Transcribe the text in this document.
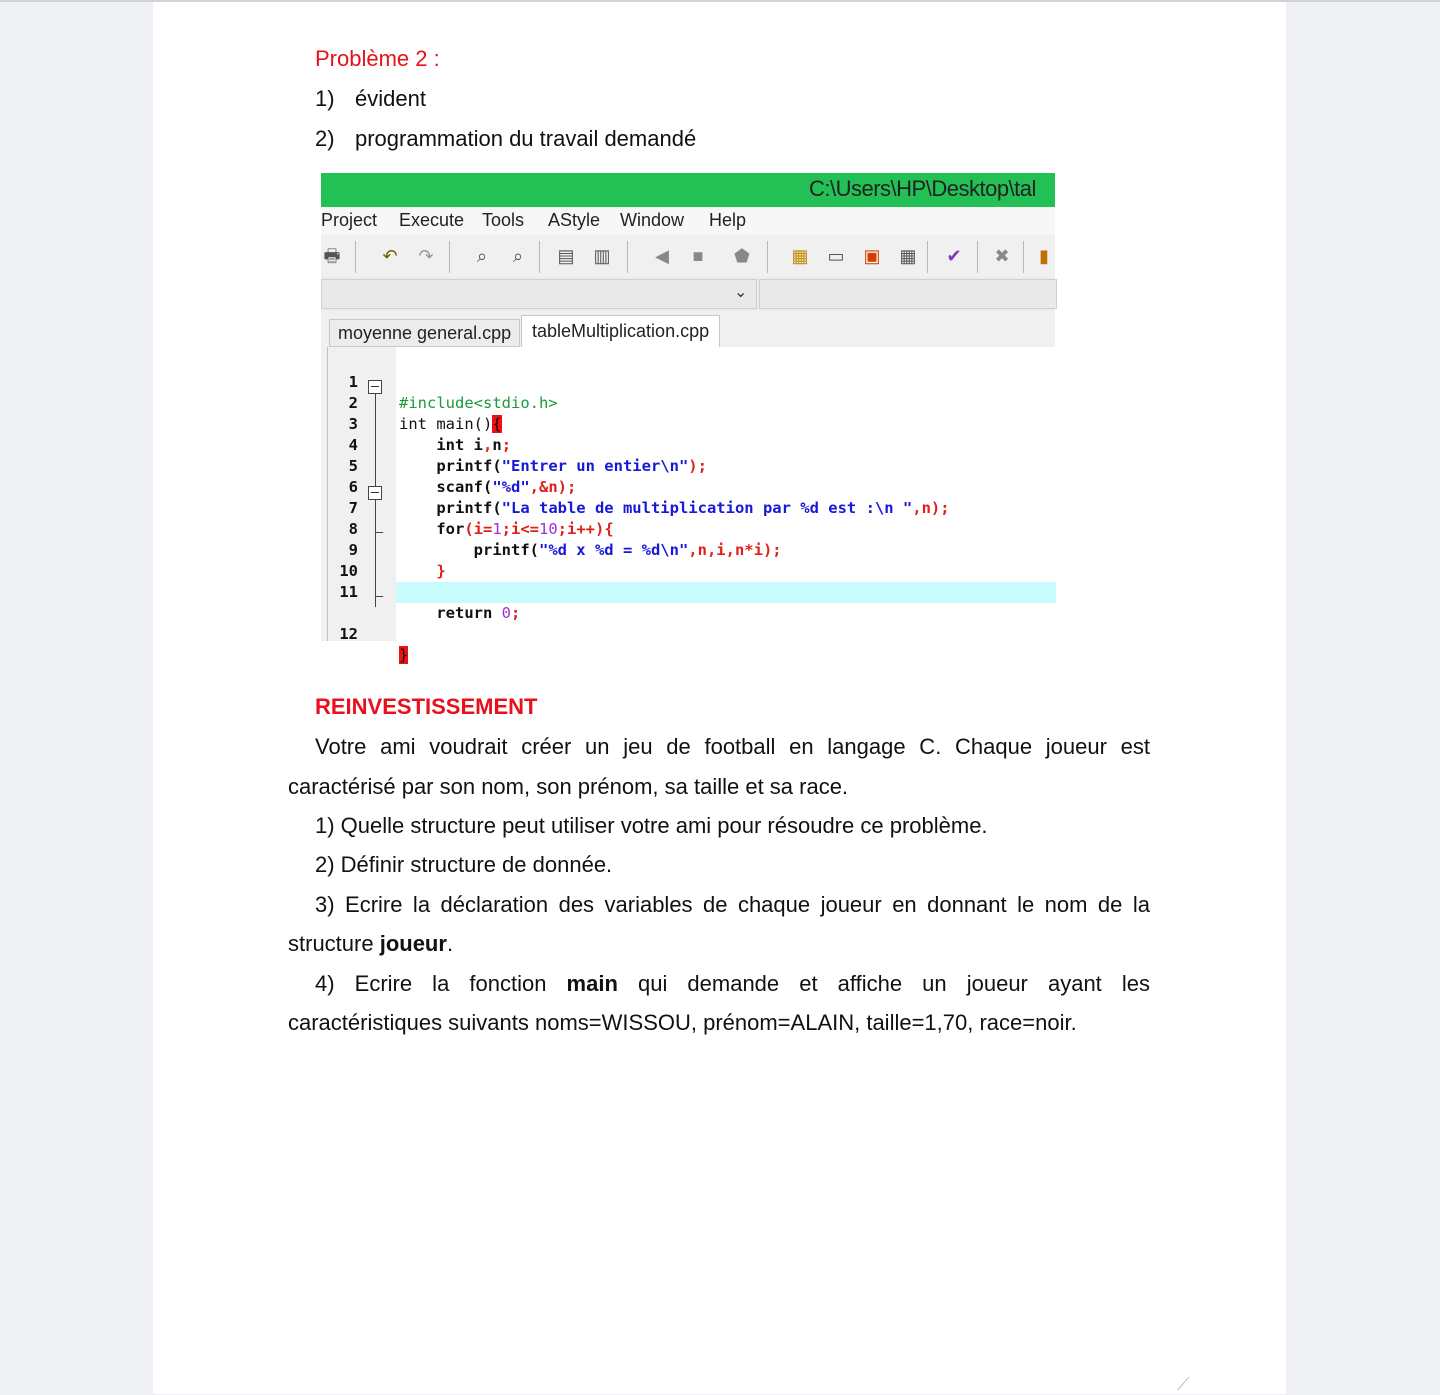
Problème 2 :
1) évident
2) programmation du travail demandé
C:\Users\HP\Desktop\tal
Project Execute Tools AStyle Window Help
🖶 ↶ ↷	⌕	⌕	▤ ▥ ◀	■	⬟ ▦ ▭ ▣ ▦ ✔ ✖	▮
⌄
moyenne general.cpp	tableMultiplication.cpp

1

#include<stdio.h>

2

int main(){

3

int i,n;

4

printf("Entrer un entier\n");

5

scanf("%d",&n);

6

printf("La table de multiplication par %d est :\n ",n);

7

for(i=1;i<=10;i++){

8

printf("%d x %d = %d\n",n,i,n*i);

9

}

10

11

return 0;

12

}

REINVESTISSEMENT
Votre ami voudrait créer un jeu de football en langage C. Chaque joueur est
caractérisé par son nom, son prénom, sa taille et sa race.
1) Quelle structure peut utiliser votre ami pour résoudre ce problème.
2) Définir structure de donnée.
3) Ecrire la déclaration des variables de chaque joueur en donnant le nom de la
structure joueur.
4) Ecrire la fonction main qui demande et affiche un joueur ayant les
caractéristiques suivants noms=WISSOU, prénom=ALAIN, taille=1,70, race=noir.
⟋
